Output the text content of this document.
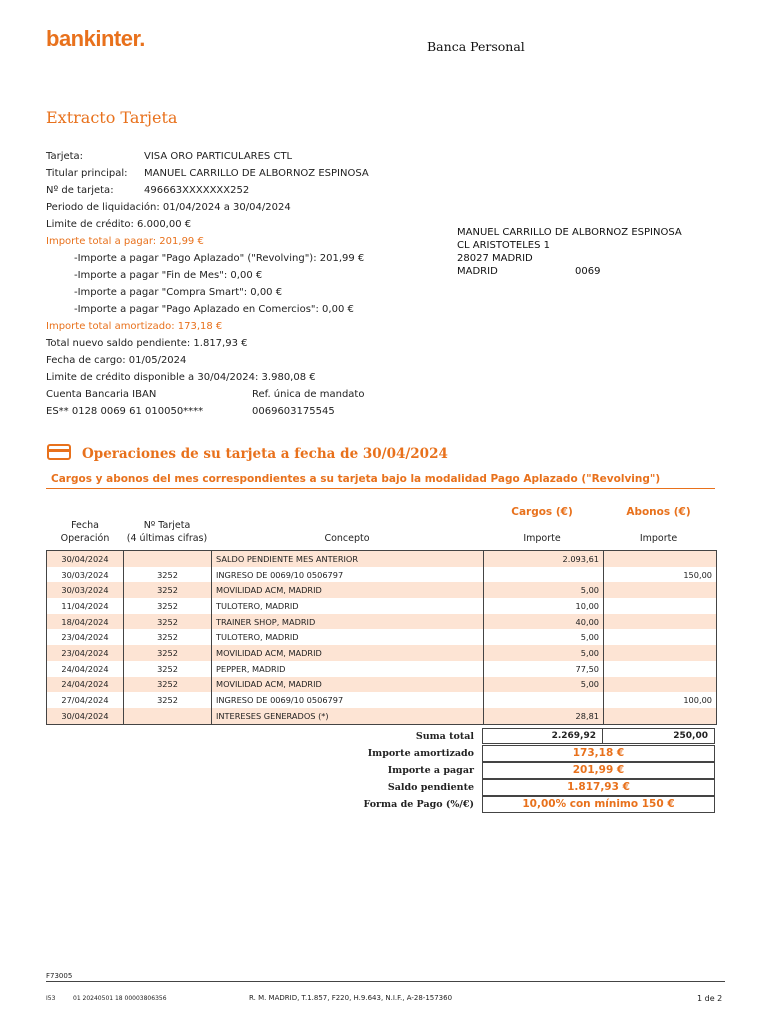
bankinter.	Banca Personal
Extracto Tarjeta
Tarjeta:	VISA ORO PARTICULARES CTL
Titular principal: MANUEL CARRILLO DE ALBORNOZ ESPINOSA
Nº de tarjeta:	496663XXXXXXX252
Periodo de liquidación: 01/04/2024 a 30/04/2024
Limite de crédito: 6.000,00 €
Importe total a pagar: 201,99 €
-Importe a pagar "Pago Aplazado" ("Revolving"): 201,99 €
-Importe a pagar "Fin de Mes": 0,00 €
-Importe a pagar "Compra Smart": 0,00 €
-Importe a pagar "Pago Aplazado en Comercios": 0,00 €
Importe total amortizado: 173,18 €
Total nuevo saldo pendiente: 1.817,93 €
Fecha de cargo: 01/05/2024
Limite de crédito disponible a 30/04/2024: 3.980,08 €
Cuenta Bancaria IBAN	Ref. única de mandato
ES** 0128 0069 61 010050****	0069603175545
MANUEL CARRILLO DE ALBORNOZ ESPINOSA
CL ARISTOTELES 1
28027 MADRID
MADRID	0069
Operaciones de su tarjeta a fecha de 30/04/2024
Cargos y abonos del mes correspondientes a su tarjeta bajo la modalidad Pago Aplazado ("Revolving")
Fecha
Operación
Nº Tarjeta
(4 últimas cifras)	Concepto
Cargos (€)	Abonos (€)
Importe	Importe
30/04/2024		SALDO PENDIENTE MES ANTERIOR	2.093,61	
30/03/2024	3252	INGRESO DE 0069/10 0506797		150,00
30/03/2024	3252	MOVILIDAD ACM, MADRID	5,00	
11/04/2024	3252	TULOTERO, MADRID	10,00	
18/04/2024	3252	TRAINER SHOP, MADRID	40,00	
23/04/2024	3252	TULOTERO, MADRID	5,00	
23/04/2024	3252	MOVILIDAD ACM, MADRID	5,00	
24/04/2024	3252	PEPPER, MADRID	77,50	
24/04/2024	3252	MOVILIDAD ACM, MADRID	5,00	
27/04/2024	3252	INGRESO DE 0069/10 0506797		100,00
30/04/2024		INTERESES GENERADOS (*)	28,81	
Suma total	2.269,92	250,00
Importe amortizado	173,18 €
Importe a pagar	201,99 €
Saldo pendiente	1.817,93 €
Forma de Pago (%/€)	10,00% con mínimo 150 €
F73005
I53	01 20240501 18 00003806356	R. M. MADRID, T.1.857, F220, H.9.643, N.I.F., A-28-157360	1 de 2
